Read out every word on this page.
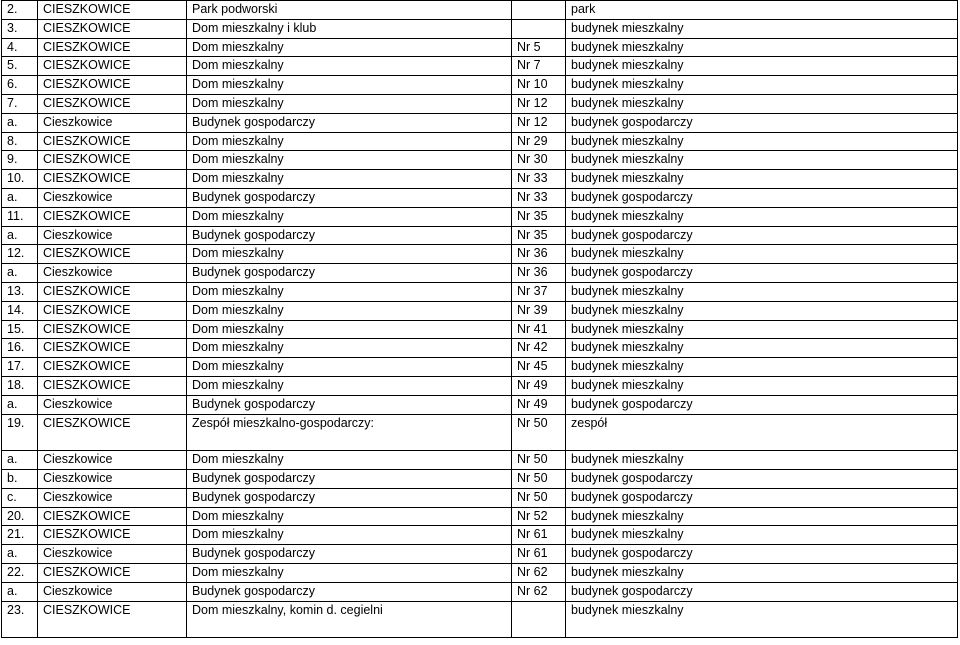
2.	CIESZKOWICE	Park podworski		park
3.	CIESZKOWICE	Dom mieszkalny i klub		budynek mieszkalny
4.	CIESZKOWICE	Dom mieszkalny	Nr 5	budynek mieszkalny
5.	CIESZKOWICE	Dom mieszkalny	Nr 7	budynek mieszkalny
6.	CIESZKOWICE	Dom mieszkalny	Nr 10	budynek mieszkalny
7.	CIESZKOWICE	Dom mieszkalny	Nr 12	budynek mieszkalny
a.	Cieszkowice	Budynek gospodarczy	Nr 12	budynek gospodarczy
8.	CIESZKOWICE	Dom mieszkalny	Nr 29	budynek mieszkalny
9.	CIESZKOWICE	Dom mieszkalny	Nr 30	budynek mieszkalny
10.	CIESZKOWICE	Dom mieszkalny	Nr 33	budynek mieszkalny
a.	Cieszkowice	Budynek gospodarczy	Nr 33	budynek gospodarczy
11.	CIESZKOWICE	Dom mieszkalny	Nr 35	budynek mieszkalny
a.	Cieszkowice	Budynek gospodarczy	Nr 35	budynek gospodarczy
12.	CIESZKOWICE	Dom mieszkalny	Nr 36	budynek mieszkalny
a.	Cieszkowice	Budynek gospodarczy	Nr 36	budynek gospodarczy
13.	CIESZKOWICE	Dom mieszkalny	Nr 37	budynek mieszkalny
14.	CIESZKOWICE	Dom mieszkalny	Nr 39	budynek mieszkalny
15.	CIESZKOWICE	Dom mieszkalny	Nr 41	budynek mieszkalny
16.	CIESZKOWICE	Dom mieszkalny	Nr 42	budynek mieszkalny
17.	CIESZKOWICE	Dom mieszkalny	Nr 45	budynek mieszkalny
18.	CIESZKOWICE	Dom mieszkalny	Nr 49	budynek mieszkalny
a.	Cieszkowice	Budynek gospodarczy	Nr 49	budynek gospodarczy
19.	CIESZKOWICE	Zespół mieszkalno-gospodarczy:	Nr 50	zespół
a.	Cieszkowice	Dom mieszkalny	Nr 50	budynek mieszkalny
b.	Cieszkowice	Budynek gospodarczy	Nr 50	budynek gospodarczy
c.	Cieszkowice	Budynek gospodarczy	Nr 50	budynek gospodarczy
20.	CIESZKOWICE	Dom mieszkalny	Nr 52	budynek mieszkalny
21.	CIESZKOWICE	Dom mieszkalny	Nr 61	budynek mieszkalny
a.	Cieszkowice	Budynek gospodarczy	Nr 61	budynek gospodarczy
22.	CIESZKOWICE	Dom mieszkalny	Nr 62	budynek mieszkalny
a.	Cieszkowice	Budynek gospodarczy	Nr 62	budynek gospodarczy
23.	CIESZKOWICE	Dom mieszkalny, komin d. cegielni		budynek mieszkalny
